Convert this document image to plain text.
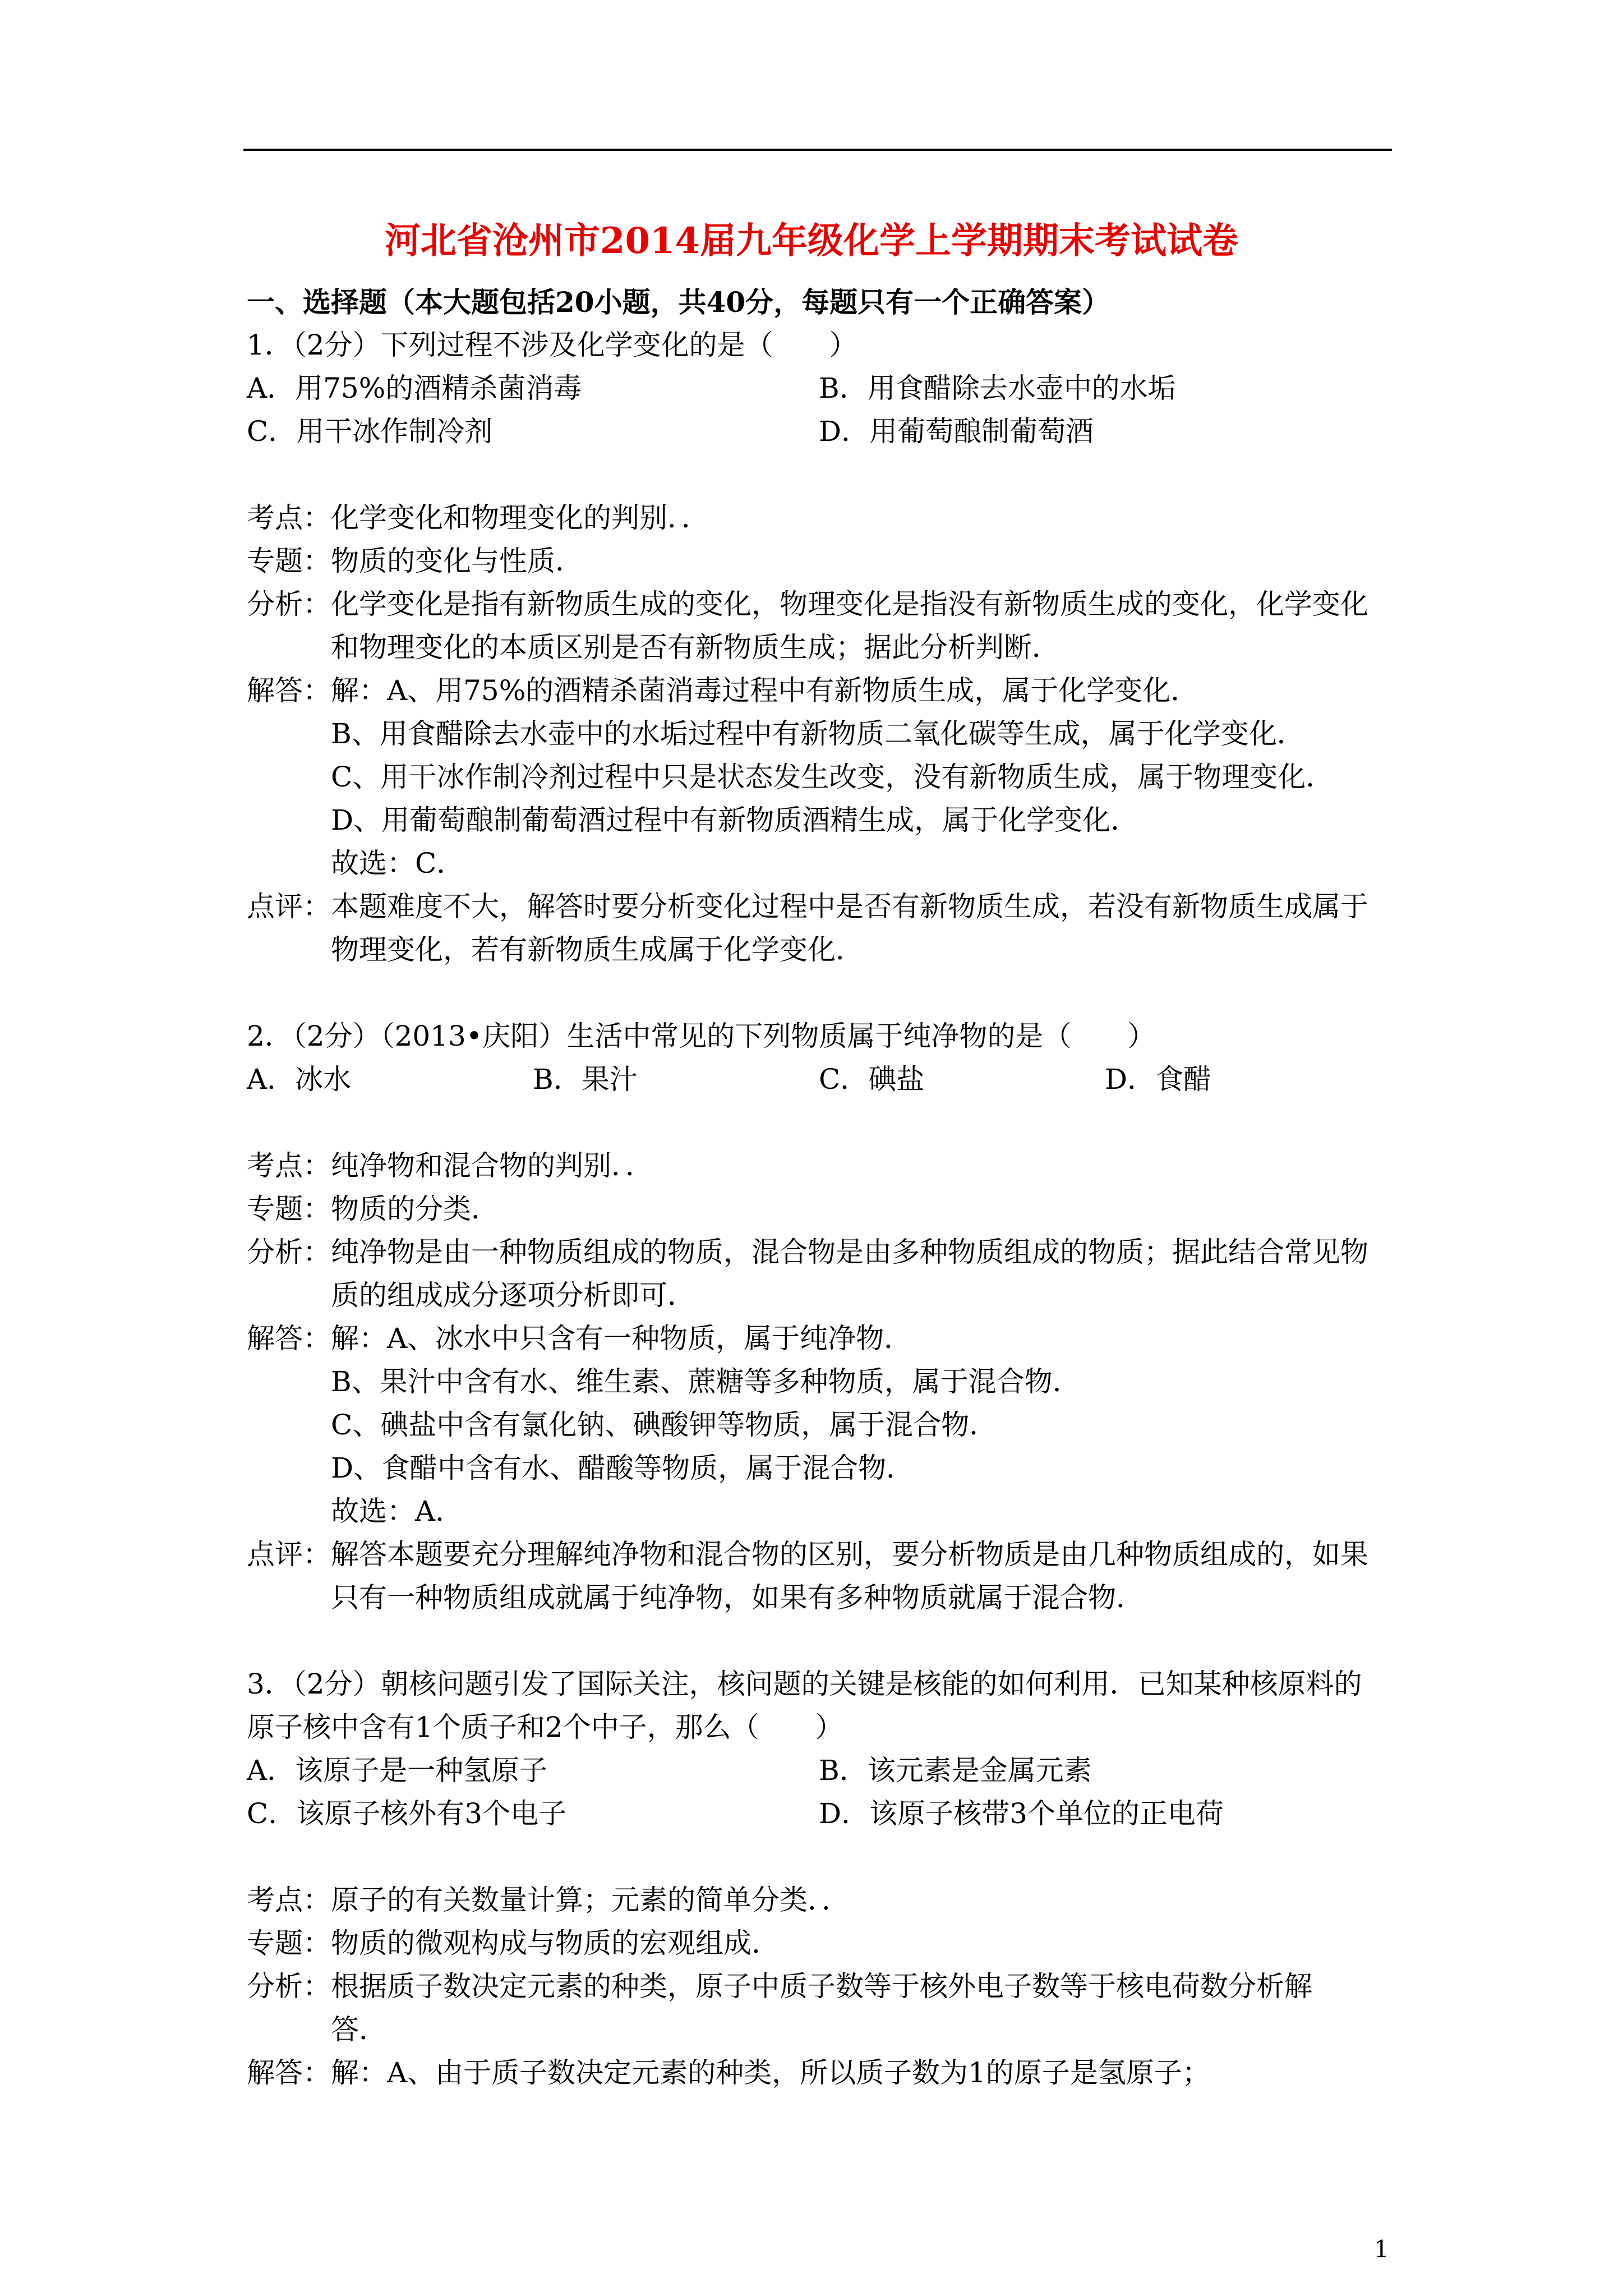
河北省沧州市2014届九年级化学上学期期末考试试卷
一、选择题（本大题包括20小题，共40分，每题只有一个正确答案）
1．（2分）下列过程不涉及化学变化的是（　　）
A．用75%的酒精杀菌消毒	B．用食醋除去水壶中的水垢
C．用干冰作制冷剂	D．用葡萄酿制葡萄酒
考点： 化学变化和物理变化的判别．．
专题： 物质的变化与性质．
分析： 化学变化是指有新物质生成的变化，物理变化是指没有新物质生成的变化，化学变化
和物理变化的本质区别是否有新物质生成；据此分析判断．
解答： 解：A、用75%的酒精杀菌消毒过程中有新物质生成，属于化学变化．
B、用食醋除去水壶中的水垢过程中有新物质二氧化碳等生成，属于化学变化．
C、用干冰作制冷剂过程中只是状态发生改变，没有新物质生成，属于物理变化．
D、用葡萄酿制葡萄酒过程中有新物质酒精生成，属于化学变化．
故选：C．
点评： 本题难度不大，解答时要分析变化过程中是否有新物质生成，若没有新物质生成属于
物理变化，若有新物质生成属于化学变化．
2．（2分）（2013•庆阳）生活中常见的下列物质属于纯净物的是（　　）
A．冰水	B．果汁	C．碘盐	D．食醋
考点： 纯净物和混合物的判别．．
专题： 物质的分类．
分析： 纯净物是由一种物质组成的物质，混合物是由多种物质组成的物质；据此结合常见物
质的组成成分逐项分析即可．
解答： 解：A、冰水中只含有一种物质，属于纯净物．
B、果汁中含有水、维生素、蔗糖等多种物质，属于混合物．
C、碘盐中含有氯化钠、碘酸钾等物质，属于混合物．
D、食醋中含有水、醋酸等物质，属于混合物．
故选：A．
点评： 解答本题要充分理解纯净物和混合物的区别，要分析物质是由几种物质组成的，如果
只有一种物质组成就属于纯净物，如果有多种物质就属于混合物．
3．（2分）朝核问题引发了国际关注，核问题的关键是核能的如何利用．已知某种核原料的
原子核中含有1个质子和2个中子，那么（　　）
A．该原子是一种氢原子	B．该元素是金属元素
C．该原子核外有3个电子	D．该原子核带3个单位的正电荷
考点： 原子的有关数量计算；元素的简单分类．．
专题： 物质的微观构成与物质的宏观组成．
分析： 根据质子数决定元素的种类，原子中质子数等于核外电子数等于核电荷数分析解
答．
解答： 解：A、由于质子数决定元素的种类，所以质子数为1的原子是氢原子；
1
